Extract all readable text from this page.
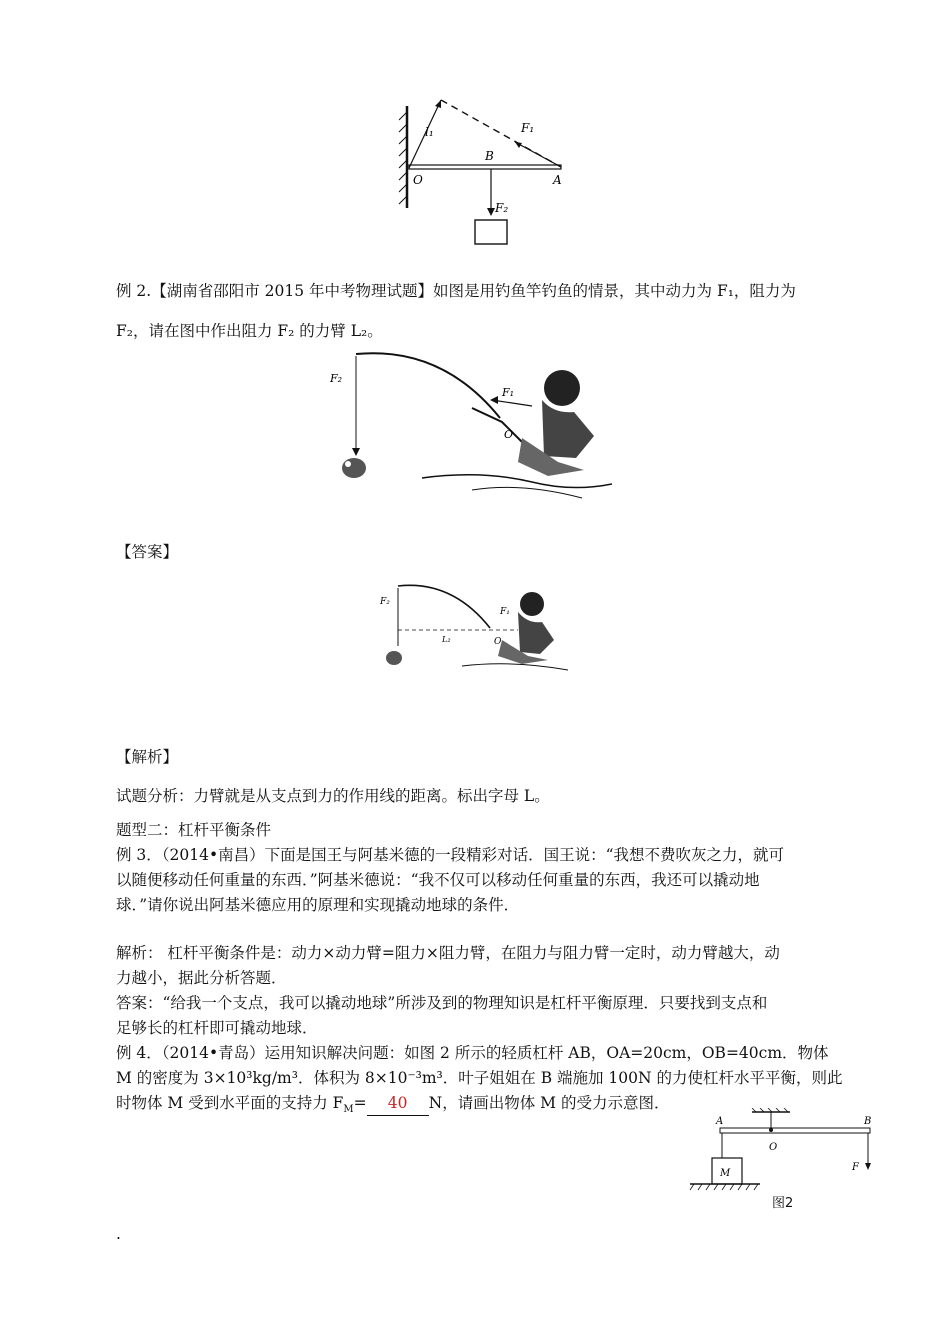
l₁	F₁
B
O	A
F₂
例 2.【湖南省邵阳市 2015 年中考物理试题】如图是用钓鱼竿钓鱼的情景，其中动力为 F₁，阻力为
F₂，请在图中作出阻力 F₂ 的力臂 L₂。
F₂
F₁
O
【答案】
F₂
F₁
O
L₂
【解析】
试题分析：力臂就是从支点到力的作用线的距离。标出字母 L。
题型二：杠杆平衡条件
例 3．（2014•南昌）下面是国王与阿基米德的一段精彩对话．国王说：“我想不费吹灰之力，就可
以随便移动任何重量的东西．”阿基米德说：“我不仅可以移动任何重量的东西，我还可以撬动地
球．”请你说出阿基米德应用的原理和实现撬动地球的条件．
解析： 杠杆平衡条件是：动力×动力臂=阻力×阻力臂，在阻力与阻力臂一定时，动力臂越大，动
力越小，据此分析答题．
答案：“给我一个支点，我可以撬动地球”所涉及到的物理知识是杠杆平衡原理．只要找到支点和
足够长的杠杆即可撬动地球．
例 4．（2014•青岛）运用知识解决问题：如图 2 所示的轻质杠杆 AB，OA=20cm，OB=40cm．物体
M 的密度为 3×10³kg/m³．体积为 8×10⁻³m³．叶子姐姐在 B 端施加 100N 的力使杠杆水平平衡，则此
时物体 M 受到水平面的支持力 $F_M= 40$ N，请画出物体 M 的受力示意图．
A	B
O
M
F
图2
.
